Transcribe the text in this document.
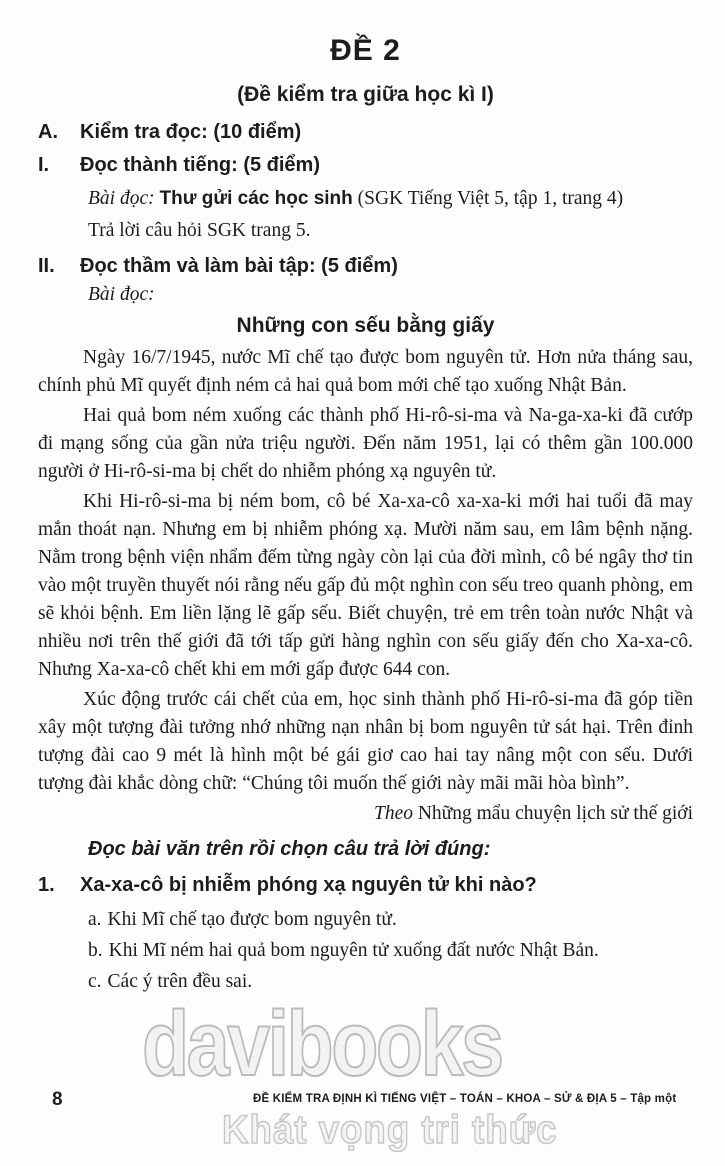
davibooks
Khát vọng tri thức
ĐỀ 2
(Đề kiểm tra giữa học kì I)
A.	Kiểm tra đọc: (10 điểm)
I.	Đọc thành tiếng: (5 điểm)
Bài đọc: Thư gửi các học sinh (SGK Tiếng Việt 5, tập 1, trang 4)
Trả lời câu hỏi SGK trang 5.
II.	Đọc thầm và làm bài tập: (5 điểm)
Bài đọc:
Những con sếu bằng giấy

Ngày 16/7/1945, nước Mĩ chế tạo được bom nguyên tử. Hơn nửa tháng sau, chính phủ Mĩ quyết định ném cả hai quả bom mới chế tạo xuống Nhật Bản.

Hai quả bom ném xuống các thành phố Hi-rô-si-ma và Na-ga-xa-ki đã cướp đi mạng sống của gần nửa triệu người. Đến năm 1951, lại có thêm gần 100.000 người ở Hi-rô-si-ma bị chết do nhiễm phóng xạ nguyên tử.

Khi Hi-rô-si-ma bị ném bom, cô bé Xa-xa-cô xa-xa-ki mới hai tuổi đã may mắn thoát nạn. Nhưng em bị nhiễm phóng xạ. Mười năm sau, em lâm bệnh nặng. Nằm trong bệnh viện nhẩm đếm từng ngày còn lại của đời mình, cô bé ngây thơ tin vào một truyền thuyết nói rằng nếu gấp đủ một nghìn con sếu treo quanh phòng, em sẽ khỏi bệnh. Em liền lặng lẽ gấp sếu. Biết chuyện, trẻ em trên toàn nước Nhật và nhiều nơi trên thế giới đã tới tấp gửi hàng nghìn con sếu giấy đến cho Xa-xa-cô. Nhưng Xa-xa-cô chết khi em mới gấp được 644 con.

Xúc động trước cái chết của em, học sinh thành phố Hi-rô-si-ma đã góp tiền xây một tượng đài tưởng nhớ những nạn nhân bị bom nguyên tử sát hại. Trên đỉnh tượng đài cao 9 mét là hình một bé gái giơ cao hai tay nâng một con sếu. Dưới tượng đài khắc dòng chữ: “Chúng tôi muốn thế giới này mãi mãi hòa bình”.

Theo Những mẩu chuyện lịch sử thế giới
Đọc bài văn trên rồi chọn câu trả lời đúng:
1.	Xa-xa-cô bị nhiễm phóng xạ nguyên tử khi nào?
a. Khi Mĩ chế tạo được bom nguyên tử.
b. Khi Mĩ ném hai quả bom nguyên tử xuống đất nước Nhật Bản.
c. Các ý trên đều sai.
8	ĐỀ KIỂM TRA ĐỊNH KÌ TIẾNG VIỆT – TOÁN – KHOA – SỬ & ĐỊA 5 – Tập một
